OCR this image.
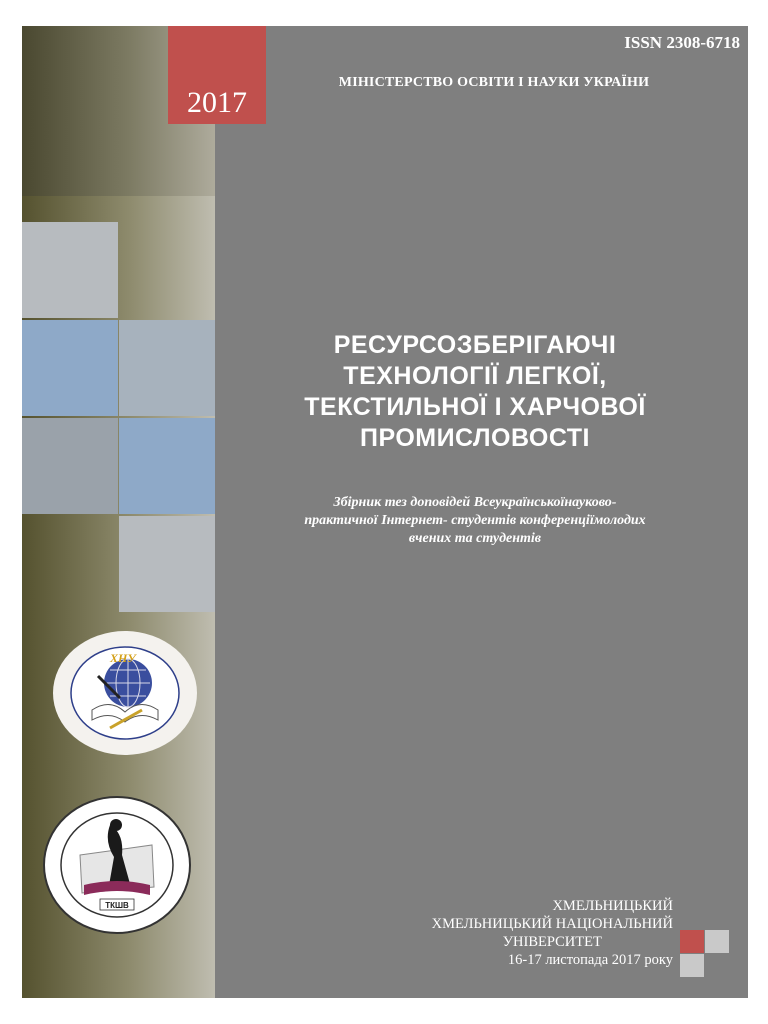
2017
ХНУ
ТКШВ
ISSN 2308-6718
МІНІСТЕРСТВО ОСВІТИ І НАУКИ УКРАЇНИ
РЕСУРСОЗБЕРІГАЮЧІ
ТЕХНОЛОГІЇ ЛЕГКОЇ,
ТЕКСТИЛЬНОЇ І ХАРЧОВОЇ
ПРОМИСЛОВОСТІ
Збірник тез доповідей Всеукраїнськоїнауково-
практичної Інтернет- студентів конференціїмолодих
вчених та студентів
ХМЕЛЬНИЦЬКИЙ
ХМЕЛЬНИЦЬКИЙ НАЦІОНАЛЬНИЙ
УНІВЕРСИТЕТ
16-17 листопада 2017 року
